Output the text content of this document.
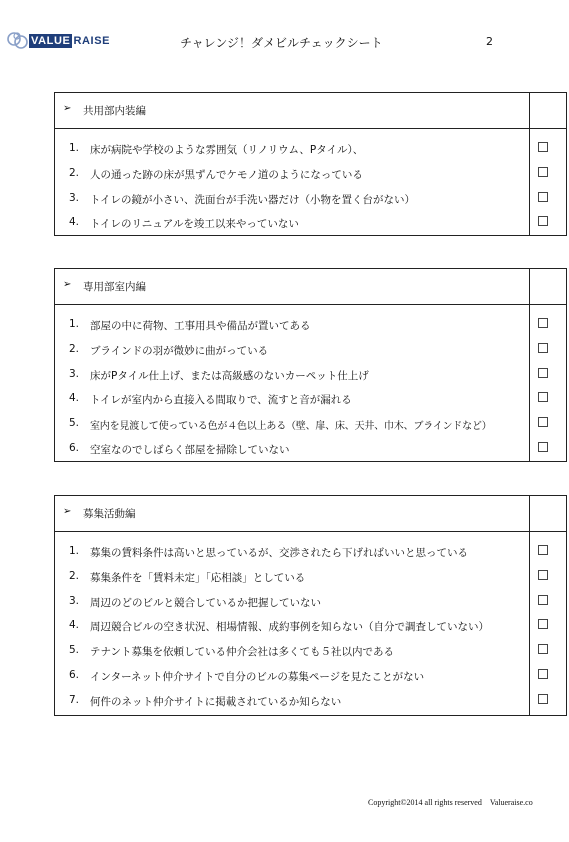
VALUE RAISE	チャレンジ！ダメビルチェックシート	2
➢ 共用部内装編
1.	床が病院や学校のような雰囲気（リノリウム、Pタイル）、
2.	人の通った跡の床が黒ずんでケモノ道のようになっている
3.	トイレの鏡が小さい、洗面台が手洗い器だけ（小物を置く台がない）
4.	トイレのリニュアルを竣工以来やっていない
➢ 専用部室内編
1.	部屋の中に荷物、工事用具や備品が置いてある
2.	ブラインドの羽が微妙に曲がっている
3.	床がPタイル仕上げ、または高級感のないカーペット仕上げ
4.	トイレが室内から直接入る間取りで、流すと音が漏れる
5.	室内を見渡して使っている色が４色以上ある（壁、扉、床、天井、巾木、ブラインドなど）
6.	空室なのでしばらく部屋を掃除していない
➢ 募集活動編
1.	募集の賃料条件は高いと思っているが、交渉されたら下げればいいと思っている
2.	募集条件を「賃料未定」「応相談」としている
3.	周辺のどのビルと競合しているか把握していない
4.	周辺競合ビルの空き状況、相場情報、成約事例を知らない（自分で調査していない）
5.	テナント募集を依頼している仲介会社は多くても５社以内である
6.	インターネット仲介サイトで自分のビルの募集ページを見たことがない
7.	何件のネット仲介サイトに掲載されているか知らない
Copyright©2014 all rights reserved Valueraise.co
